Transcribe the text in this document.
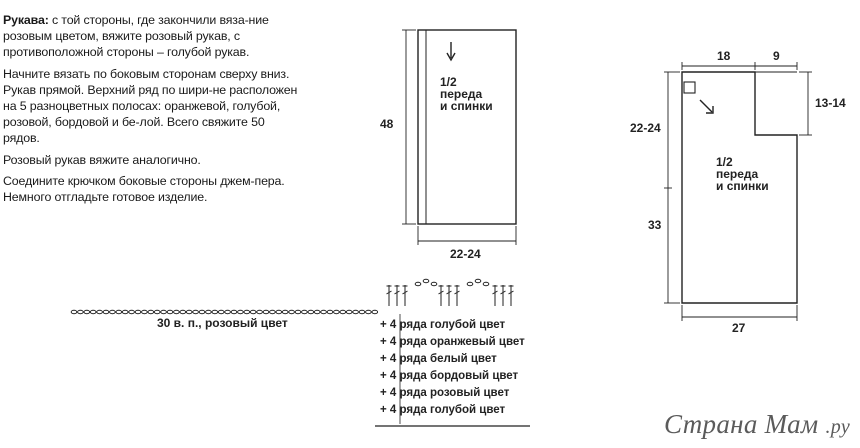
Рукава: с той стороны, где закончили вяза-ние розовым цветом, вяжите розовый рукав, с противоположной стороны – голубой рукав.

Начните вязать по боковым сторонам сверху вниз. Рукав прямой. Верхний ряд по шири-не расположен на 5 разноцветных полосах: оранжевой, голубой, розовой, бордовой и бе-лой. Всего свяжите 50 рядов.

Розовый рукав вяжите аналогично.

Соедините крючком боковые стороны джем-пера. Немного отгладьте готовое изделие.

1/2
переда
и спинки
48
22-24
18	9
13-14
22-24
33
27
1/2
переда
и спинки
30 в. п., розовый цвет	+ 4 ряда голубой цвет
+ 4 ряда оранжевый цвет
+ 4 ряда белый цвет
+ 4 ряда бордовый цвет
+ 4 ряда розовый цвет
+ 4 ряда голубой цвет	Страна Мам .ру
